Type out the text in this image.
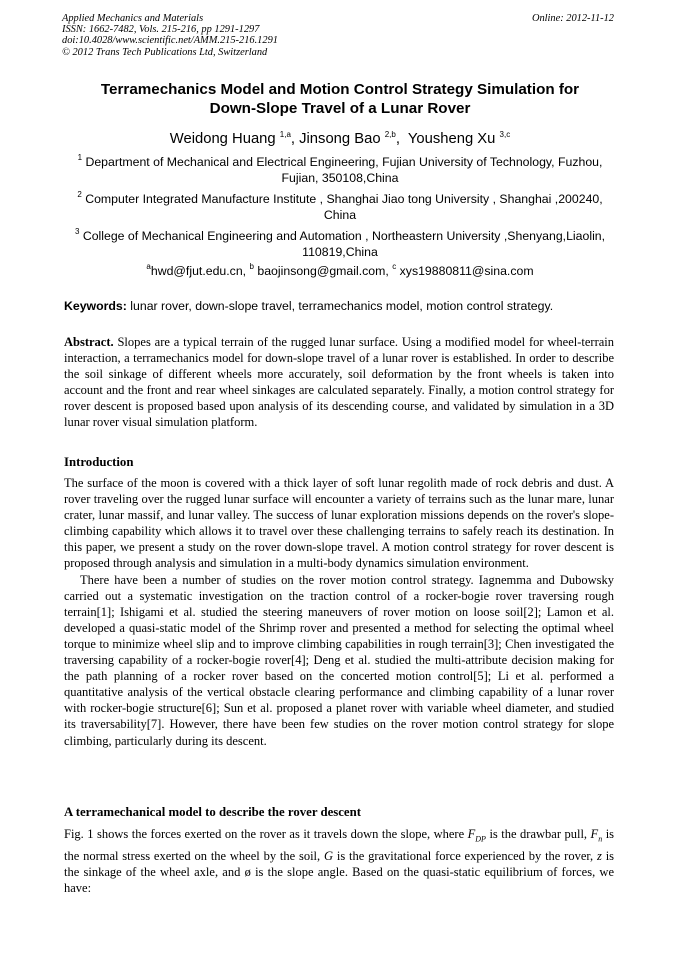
Applied Mechanics and Materials
ISSN: 1662-7482, Vols. 215-216, pp 1291-1297
doi:10.4028/www.scientific.net/AMM.215-216.1291
© 2012 Trans Tech Publications Ltd, Switzerland
Online: 2012-11-12
Terramechanics Model and Motion Control Strategy Simulation for
Down-Slope Travel of a Lunar Rover
Weidong Huang $^{1,a}$, Jinsong Bao $^{2,b}$,  Yousheng Xu $^{3,c}$
$^1$ Department of Mechanical and Electrical Engineering, Fujian University of Technology, Fuzhou,
Fujian, 350108,China
$^2$ Computer Integrated Manufacture Institute , Shanghai Jiao tong University , Shanghai ,200240,
China
$^3$ College of Mechanical Engineering and Automation , Northeastern University ,Shenyang,Liaolin,
110819,China
$^a$hwd@fjut.edu.cn, $^b$ baojinsong@gmail.com, $^c$ xys19880811@sina.com
Keywords: lunar rover, down-slope travel, terramechanics model, motion control strategy.
Abstract. Slopes are a typical terrain of the rugged lunar surface. Using a modified model for wheel-terrain interaction, a terramechanics model for down-slope travel of a lunar rover is established. In order to describe the soil sinkage of different wheels more accurately, soil deformation by the front wheels is taken into account and the front and rear wheel sinkages are calculated separately. Finally, a motion control strategy for rover descent is proposed based upon analysis of its descending course, and validated by simulation in a 3D lunar rover visual simulation platform.
Introduction
The surface of the moon is covered with a thick layer of soft lunar regolith made of rock debris and dust. A rover traveling over the rugged lunar surface will encounter a variety of terrains such as the lunar mare, lunar crater, lunar massif, and lunar valley. The success of lunar exploration missions depends on the rover's slope-climbing capability which allows it to travel over these challenging terrains to safely reach its destination. In this paper, we present a study on the rover down-slope travel. A motion control strategy for rover descent is proposed through analysis and simulation in a multi-body dynamics simulation environment.
There have been a number of studies on the rover motion control strategy. Iagnemma and Dubowsky carried out a systematic investigation on the traction control of a rocker-bogie rover traversing rough terrain[1]; Ishigami et al. studied the steering maneuvers of rover motion on loose soil[2]; Lamon et al. developed a quasi-static model of the Shrimp rover and presented a method for selecting the optimal wheel torque to minimize wheel slip and to improve climbing capabilities in rough terrain[3]; Chen investigated the traversing capability of a rocker-bogie rover[4]; Deng et al. studied the multi-attribute decision making for the path planning of a rocker rover based on the concerted motion control[5]; Li et al. performed a quantitative analysis of the vertical obstacle clearing performance and climbing capability of a lunar rover with rocker-bogie structure[6]; Sun et al. proposed a planet rover with variable wheel diameter, and studied its traversability[7]. However, there have been few studies on the rover motion control strategy for slope climbing, particularly during its descent.
A terramechanical model to describe the rover descent
Fig. 1 shows the forces exerted on the rover as it travels down the slope, where $F_{DP}$ is the drawbar pull, $F_n$ is the normal stress exerted on the wheel by the soil, G is the gravitational force experienced by the rover, z is the sinkage of the wheel axle, and ø is the slope angle. Based on the quasi-static equilibrium of forces, we have:
